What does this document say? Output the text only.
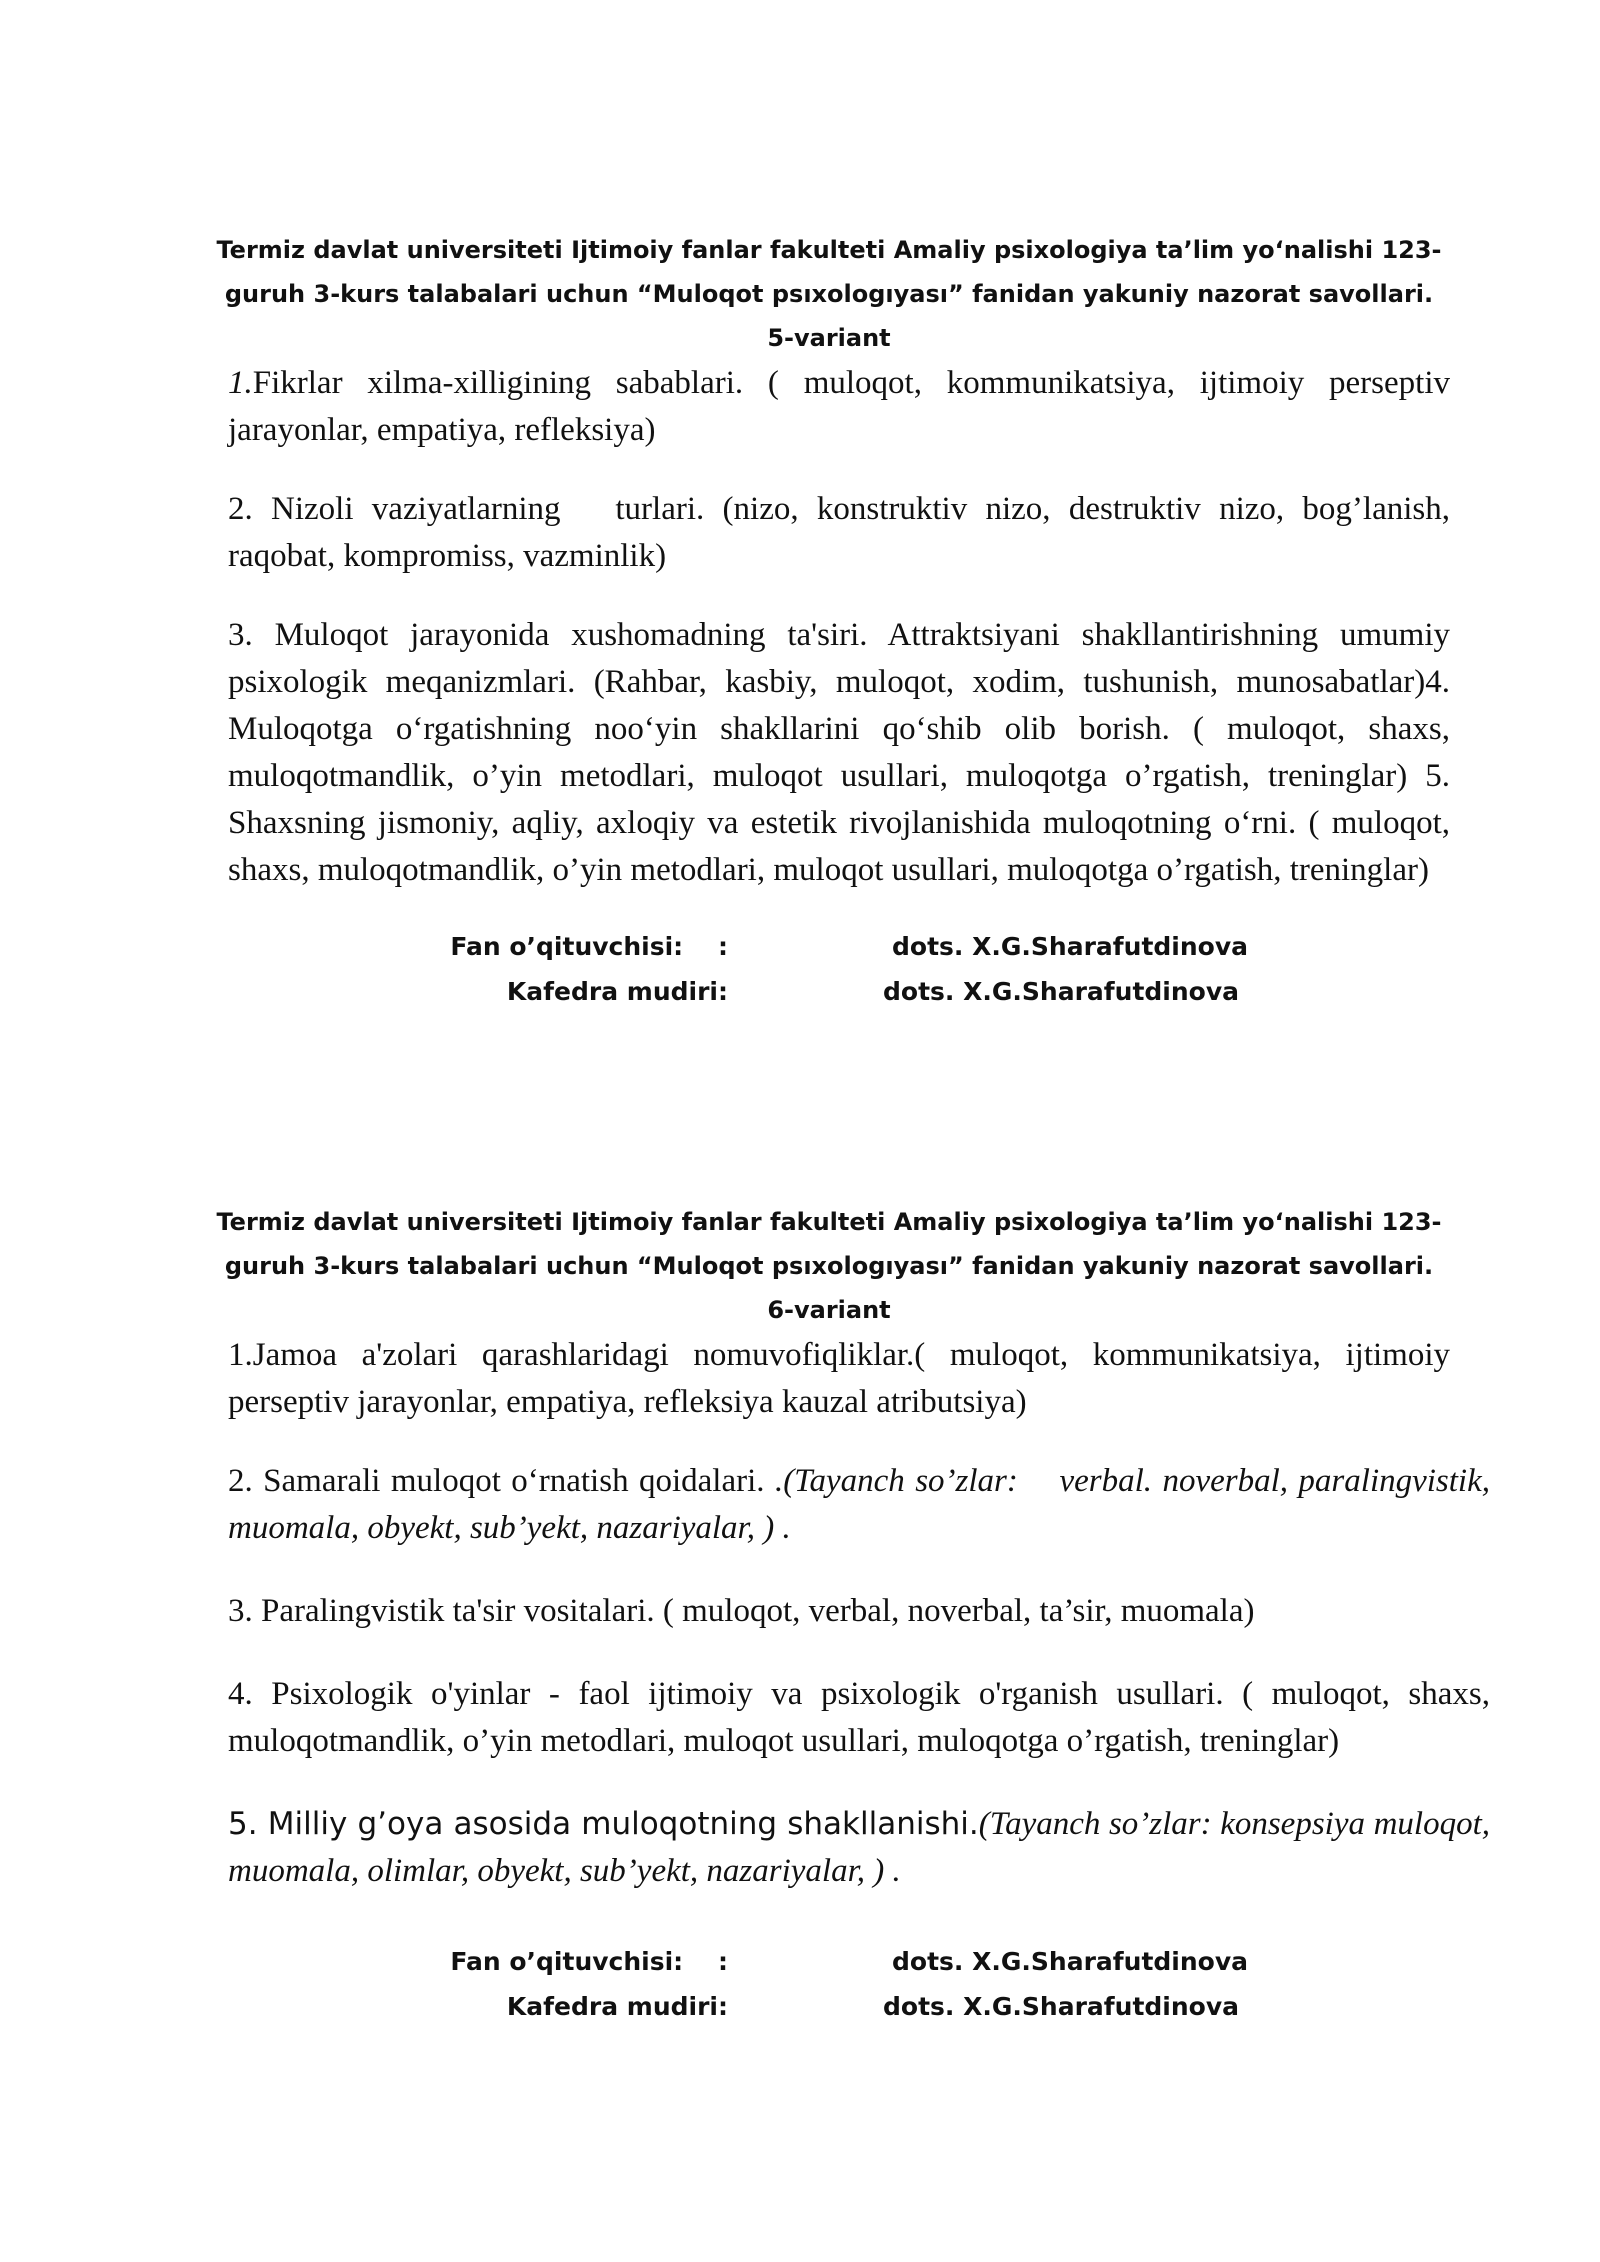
Termiz davlat universiteti Ijtimoiy fanlar fakulteti Amaliy psixologiya ta’lim yo‘nalishi 123-
guruh 3-kurs talabalari uchun “Muloqot psıxologıyası” fanidan yakuniy nazorat savollari.
5-variant

1.Fikrlar xilma-xilligining sabablari. ( muloqot, kommunikatsiya, ijtimoiy perseptiv jarayonlar, empatiya, refleksiya)

2. Nizoli vaziyatlarning   turlari. (nizo, konstruktiv nizo, destruktiv nizo, bog’lanish, raqobat, kompromiss, vazminlik)

3. Muloqot jarayonida xushomadning ta'siri. Attraktsiyani shakllantirishning umumiy psixologik meqanizmlari. (Rahbar, kasbiy, muloqot, xodim, tushunish, munosabatlar)4. Muloqotga o‘rgatishning noo‘yin shakllarini qo‘shib olib borish. ( muloqot, shaxs, muloqotmandlik, o’yin metodlari, muloqot usullari, muloqotga o’rgatish, treninglar) 5. Shaxsning jismoniy, aqliy, axloqiy va estetik rivojlanishida muloqotning o‘rni. ( muloqot, shaxs, muloqotmandlik, o’yin metodlari, muloqot usullari, muloqotga o’rgatish, treninglar)

Fan o’qituvchisi:    :	dots. X.G.Sharafutdinova
Kafedra mudiri:	dots. X.G.Sharafutdinova
Termiz davlat universiteti Ijtimoiy fanlar fakulteti Amaliy psixologiya ta’lim yo‘nalishi 123-
guruh 3-kurs talabalari uchun “Muloqot psıxologıyası” fanidan yakuniy nazorat savollari.
6-variant

1.Jamoa a'zolari qarashlaridagi nomuvofiqliklar.( muloqot, kommunikatsiya, ijtimoiy perseptiv jarayonlar, empatiya, refleksiya kauzal atributsiya)

2. Samarali muloqot o‘rnatish qoidalari. .(Tayanch so’zlar:    verbal. noverbal, paralingvistik,  muomala, obyekt, sub’yekt, nazariyalar, ) .

3. Paralingvistik ta'sir vositalari. ( muloqot, verbal, noverbal, ta’sir, muomala)

4. Psixologik o'yinlar - faol ijtimoiy va psixologik o'rganish usullari. ( muloqot, shaxs, muloqotmandlik, o’yin metodlari, muloqot usullari, muloqotga o’rgatish, treninglar)

5. Milliy g’oya asosida muloqotning shakllanishi.(Tayanch so’zlar: konsepsiya muloqot, muomala, olimlar, obyekt, sub’yekt, nazariyalar, ) .

Fan o’qituvchisi:    :	dots. X.G.Sharafutdinova
Kafedra mudiri:	dots. X.G.Sharafutdinova
